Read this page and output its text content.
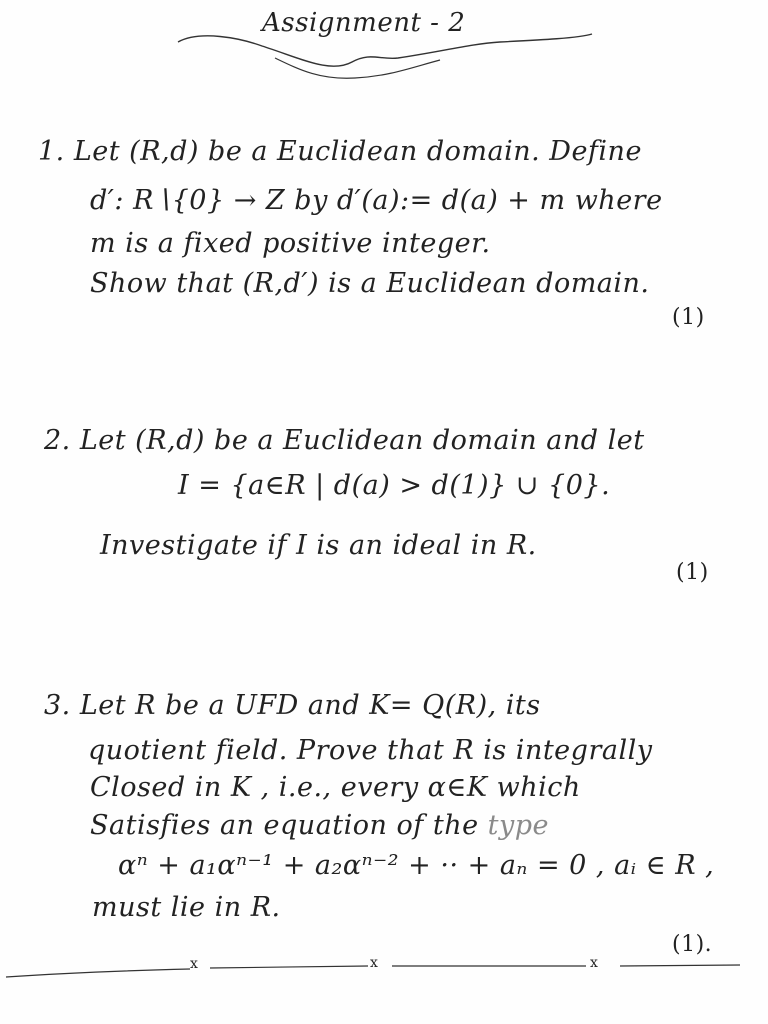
Assignment - 2
1. Let (R,d) be a Euclidean domain. Define
d′: R∖{0} → Z by d′(a):= d(a) + m where
m is a fixed positive integer.
Show that (R,d′) is a Euclidean domain.
(1)
2. Let (R,d) be a Euclidean domain and let
I = {a∈R | d(a) > d(1)} ∪ {0}.
Investigate if I is an ideal in R.
(1)
3. Let R be a UFD and K= Q(R), its
quotient field. Prove that R is integrally
Closed in K , i.e., every α∈K which
Satisfies an equation of the type
αⁿ + a₁αⁿ⁻¹ + a₂αⁿ⁻² + ·· + aₙ = 0 , aᵢ ∈ R ,
must lie in R.
(1).
x	x	x
